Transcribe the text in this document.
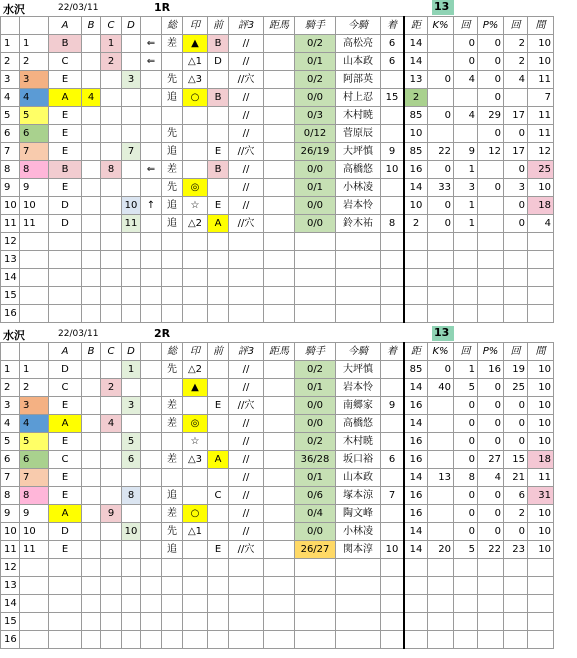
水沢	22/03/11	1R	13
		A	B	C	D		総	印	前	評3	距馬	騎手	今騎	着	距	K%	回	P%	回	間
1	1	B		1		⇐	差	▲	B	//		0/2	高松亮	6	14		0	0	2	10
2	2	C		2		⇐		△1	D	//		0/1	山本政	6	14		0	0	2	10
3	3	E			3		先	△3		//穴		0/2	阿部英		13	0	4	0	4	11
4	4	A	4				追	○	B	//		0/0	村上忍	15	2			0		7
5	5	E								//		0/3	木村暁		85	0	4	29	17	11
6	6	E					先			//		0/12	菅原辰		10			0	0	11
7	7	E			7		追		E	//穴		26/19	大坪慎	9	85	22	9	12	17	12
8	8	B		8		⇐	差		B	//		0/0	高橋悠	10	16	0	1		0	25
9	9	E					先	◎		//		0/1	小林凌		14	33	3	0	3	10
10	10	D			10	↑	追	☆	E	//		0/0	岩本怜		10	0	1		0	18
11	11	D			11		追	△2	A	//穴		0/0	鈴木祐	8	2	0	1		0	4
12																				
13																				
14																				
15																				
16																				
水沢	22/03/11	2R	13
		A	B	C	D		総	印	前	評3	距馬	騎手	今騎	着	距	K%	回	P%	回	間
1	1	D			1		先	△2		//		0/2	大坪慎		85	0	1	16	19	10
2	2	C		2				▲		//		0/1	岩本怜		14	40	5	0	25	10
3	3	E			3		差		E	//穴		0/0	南郷家	9	16		0	0	0	10
4	4	A		4			差	◎		//		0/0	高橋悠		14		0	0	0	10
5	5	E			5			☆		//		0/2	木村暁		16		0	0	0	10
6	6	C			6		差	△3	A	//		36/28	坂口裕	6	16		0	27	15	18
7	7	E								//		0/1	山本政		14	13	8	4	21	11
8	8	E			8		追		C	//		0/6	塚本涼	7	16		0	0	6	31
9	9	A		9			差	○		//		0/4	陶文峰		16		0	0	2	10
10	10	D			10		先	△1		//		0/0	小林凌		14		0	0	0	10
11	11	E					追		E	//穴		26/27	関本淳	10	14	20	5	22	23	10
12																				
13																				
14																				
15																				
16																				
